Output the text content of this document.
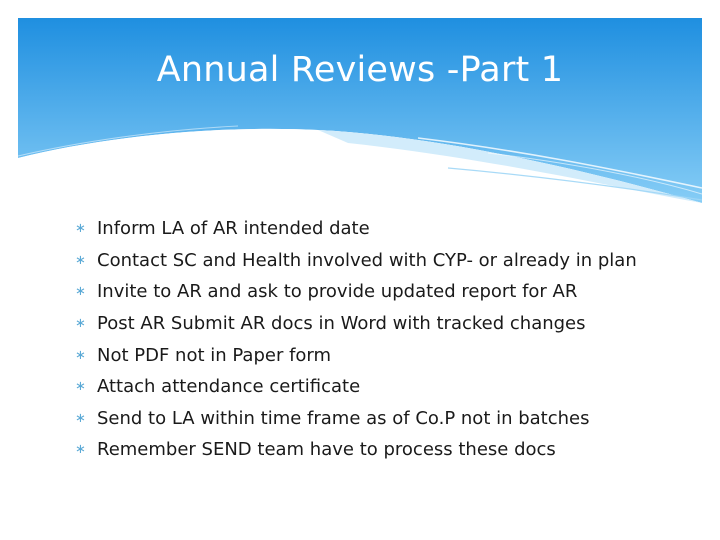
Annual Reviews -Part 1
∗ Inform LA of AR intended date
∗ Contact SC and Health involved with CYP- or already in plan
∗ Invite to AR and ask to provide updated report for AR
∗ Post AR Submit AR docs in Word with tracked changes
∗ Not PDF not in Paper form
∗ Attach attendance certificate
∗ Send to LA within time frame as of Co.P not in batches
∗ Remember SEND team have to process these docs
